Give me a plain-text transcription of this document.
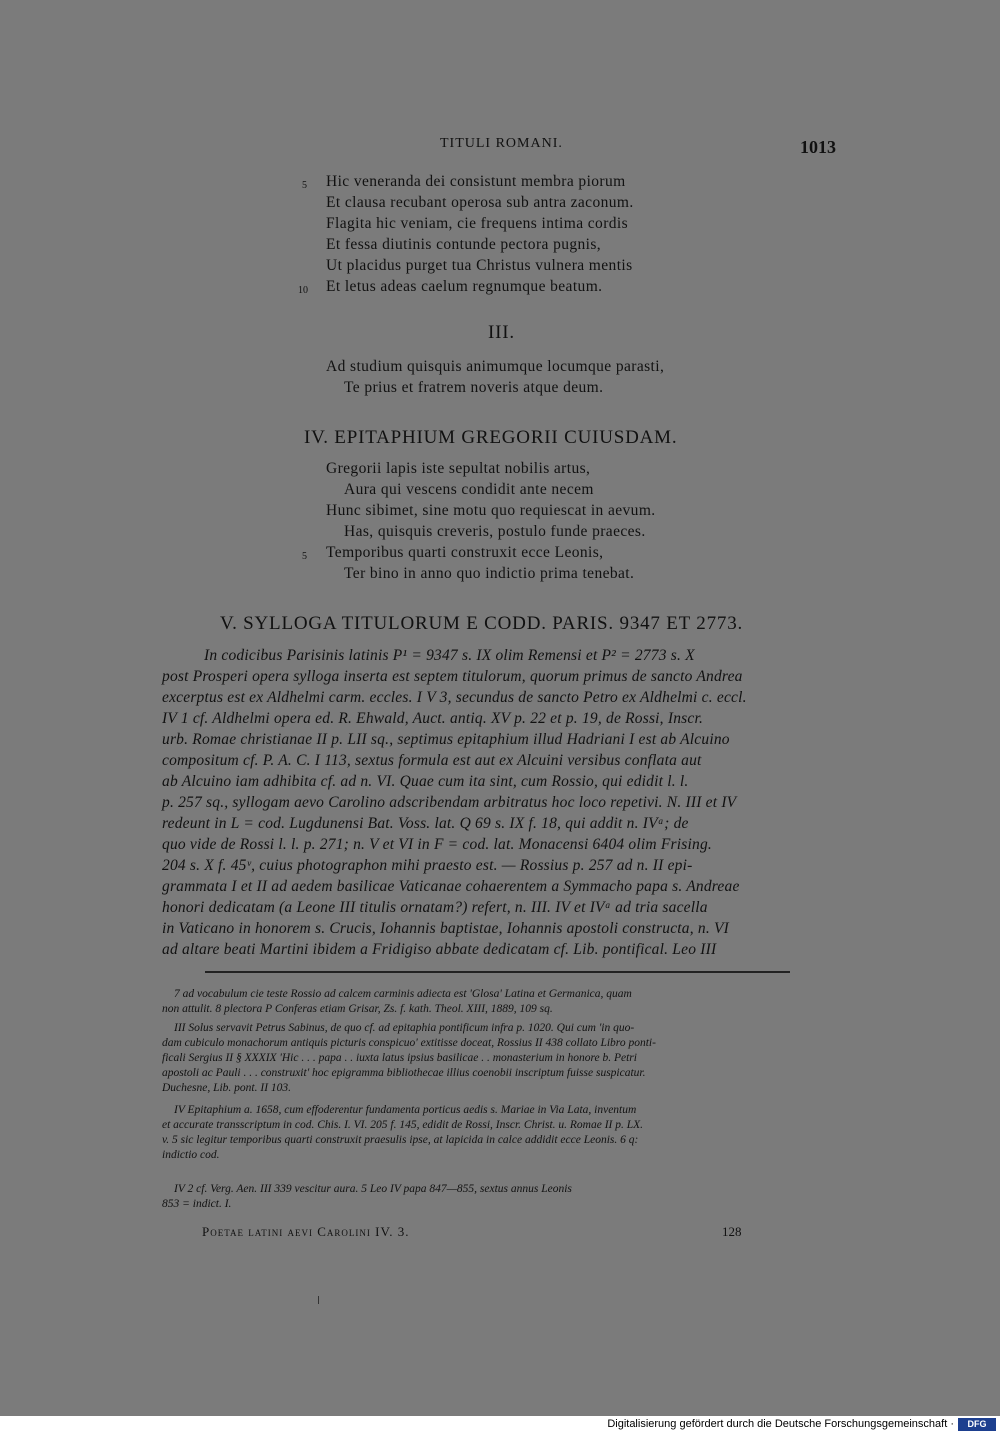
TITULI ROMANI.	1013
5 Hic veneranda dei consistunt membra piorum
Et clausa recubant operosa sub antra zaconum.
Flagita hic veniam, cie frequens intima cordis
Et fessa diutinis contunde pectora pugnis,
Ut placidus purget tua Christus vulnera mentis
10 Et letus adeas caelum regnumque beatum.
III.
Ad studium quisquis animumque locumque parasti,
Te prius et fratrem noveris atque deum.
IV. EPITAPHIUM GREGORII CUIUSDAM.
Gregorii lapis iste sepultat nobilis artus,
Aura qui vescens condidit ante necem
Hunc sibimet, sine motu quo requiescat in aevum.
Has, quisquis creveris, postulo funde praeces.
5 Temporibus quarti construxit ecce Leonis,
Ter bino in anno quo indictio prima tenebat.
V. SYLLOGA TITULORUM E CODD. PARIS. 9347 ET 2773.
In codicibus Parisinis latinis P¹ = 9347 s. IX olim Remensi et P² = 2773 s. X
post Prosperi opera sylloga inserta est septem titulorum, quorum primus de sancto Andrea
excerptus est ex Aldhelmi carm. eccles. I V 3, secundus de sancto Petro ex Aldhelmi c. eccl.
IV 1 cf. Aldhelmi opera ed. R. Ehwald, Auct. antiq. XV p. 22 et p. 19, de Rossi, Inscr.
urb. Romae christianae II p. LII sq., septimus epitaphium illud Hadriani I est ab Alcuino
compositum cf. P. A. C. I 113, sextus formula est aut ex Alcuini versibus conflata aut
ab Alcuino iam adhibita cf. ad n. VI. Quae cum ita sint, cum Rossio, qui edidit l. l.
p. 257 sq., syllogam aevo Carolino adscribendam arbitratus hoc loco repetivi. N. III et IV
redeunt in L = cod. Lugdunensi Bat. Voss. lat. Q 69 s. IX f. 18, qui addit n. IVᵃ; de
quo vide de Rossi l. l. p. 271; n. V et VI in F = cod. lat. Monacensi 6404 olim Frising.
204 s. X f. 45ᵛ, cuius photographon mihi praesto est. — Rossius p. 257 ad n. II epi-
grammata I et II ad aedem basilicae Vaticanae cohaerentem a Symmacho papa s. Andreae
honori dedicatam (a Leone III titulis ornatam?) refert, n. III. IV et IVᵃ ad tria sacella
in Vaticano in honorem s. Crucis, Iohannis baptistae, Iohannis apostoli constructa, n. VI
ad altare beati Martini ibidem a Fridigiso abbate dedicatam cf. Lib. pontifical. Leo III
7 ad vocabulum cie teste Rossio ad calcem carminis adiecta est 'Glosa' Latina et Germanica, quam
non attulit. 8 plectora P Conferas etiam Grisar, Zs. f. kath. Theol. XIII, 1889, 109 sq.
III Solus servavit Petrus Sabinus, de quo cf. ad epitaphia pontificum infra p. 1020. Qui cum 'in quo-
dam cubiculo monachorum antiquis picturis conspicuo' extitisse doceat, Rossius II 438 collato Libro ponti-
ficali Sergius II § XXXIX 'Hic . . . papa . . iuxta latus ipsius basilicae . . monasterium in honore b. Petri
apostoli ac Pauli . . . construxit' hoc epigramma bibliothecae illius coenobii inscriptum fuisse suspicatur.
Duchesne, Lib. pont. II 103.
IV Epitaphium a. 1658, cum effoderentur fundamenta porticus aedis s. Mariae in Via Lata, inventum
et accurate transscriptum in cod. Chis. I. VI. 205 f. 145, edidit de Rossi, Inscr. Christ. u. Romae II p. LX.
v. 5 sic legitur temporibus quarti construxit praesulis ipse, at lapicida in calce addidit ecce Leonis. 6 q:
indictio cod.
IV 2 cf. Verg. Aen. III 339 vescitur aura. 5 Leo IV papa 847—855, sextus annus Leonis
853 = indict. I.
Poetae latini aevi Carolini IV. 3.	128
Digitalisierung gefördert durch die Deutsche Forschungsgemeinschaft ·	DFG
